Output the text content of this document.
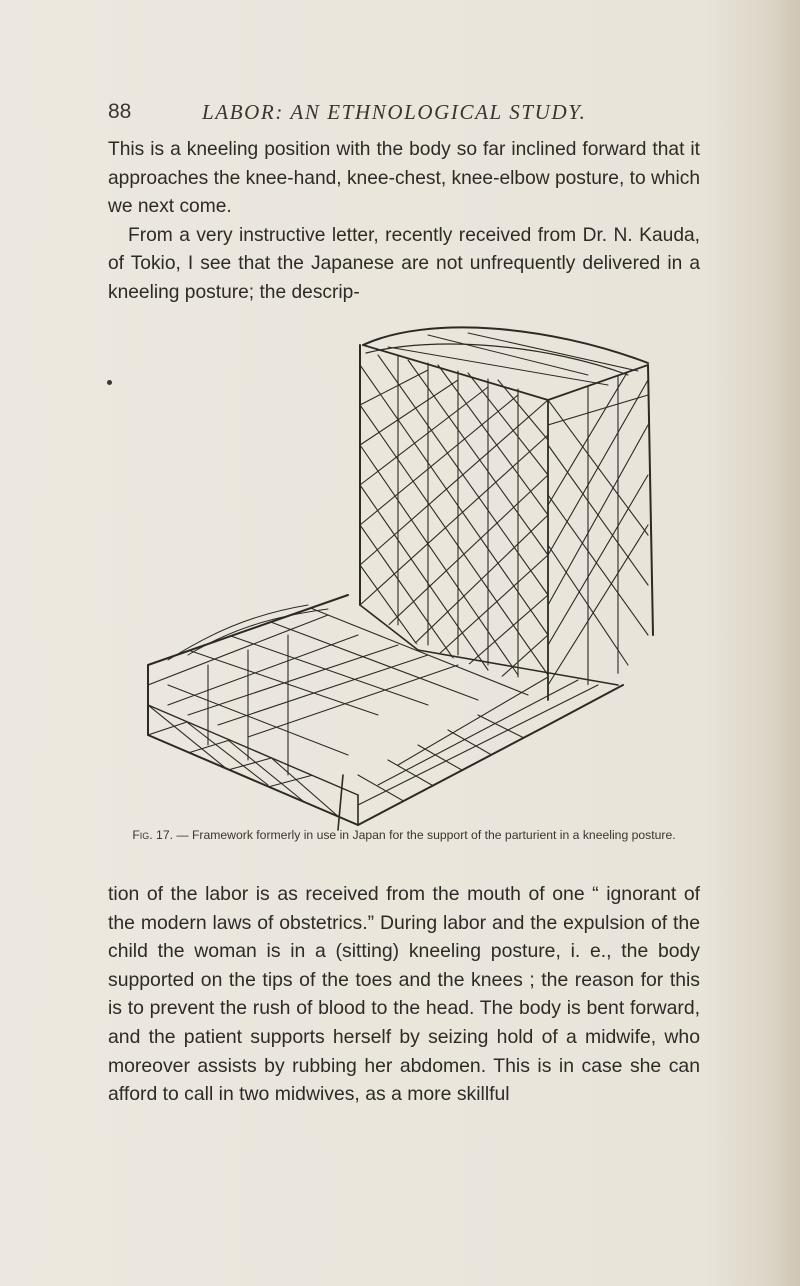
88	LABOR: AN ETHNOLOGICAL STUDY.

This is a kneeling position with the body so far inclined forward that it approaches the knee-hand, knee-chest, knee-elbow posture, to which we next come.

From a very instructive letter, recently received from Dr. N. Kauda, of Tokio, I see that the Japanese are not unfrequently delivered in a kneeling posture; the descrip-

Fig. 17. — Framework formerly in use in Japan for the support of the parturient in a kneeling posture.

tion of the labor is as received from the mouth of one “ ignorant of the modern laws of obstetrics.” During labor and the expulsion of the child the woman is in a (sitting) kneeling posture, i. e., the body supported on the tips of the toes and the knees ; the reason for this is to prevent the rush of blood to the head. The body is bent forward, and the patient supports herself by seizing hold of a midwife, who moreover assists by rubbing her abdomen. This is in case she can afford to call in two midwives, as a more skillful
